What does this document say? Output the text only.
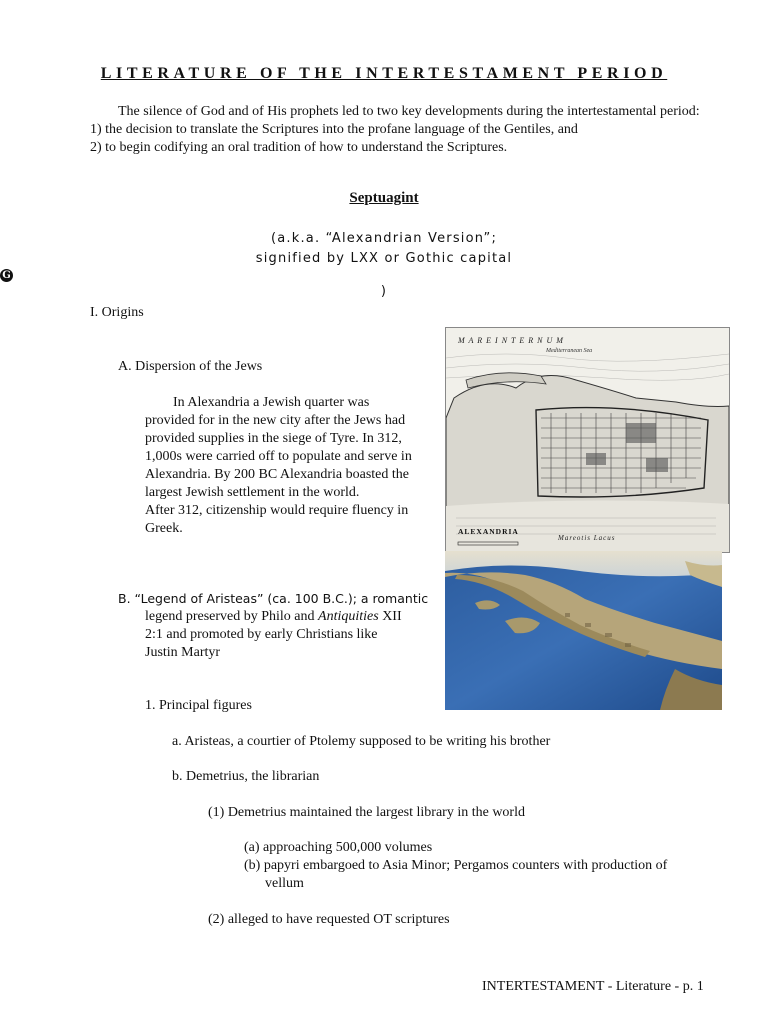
LITERATURE OF THE INTERTESTAMENT PERIOD

The silence of God and of His prophets led to two key developments during the intertestamental period:

1) the decision to translate the Scriptures into the profane language of the Gentiles, and

2) to begin codifying an oral tradition of how to understand the Scriptures.

Septuagint
(a.k.a. “Alexandrian Version”;
signified by LXX or Gothic capital
G
)
I. Origins
A. Dispersion of the Jews

In Alexandria a Jewish quarter was

provided for in the new city after the Jews had

provided supplies in the siege of Tyre. In 312,

1,000s were carried off to populate and serve in

Alexandria. By 200 BC Alexandria boasted the

largest Jewish settlement in the world.

After 312, citizenship would require fluency in

Greek.

B. “Legend of Aristeas” (ca. 100 B.C.); a romantic

legend preserved by Philo and Antiquities XII

2:1 and promoted by early Christians like

Justin Martyr

1. Principal figures
a. Aristeas, a courtier of Ptolemy supposed to be writing his brother
b. Demetrius, the librarian
(1) Demetrius maintained the largest library in the world
(a) approaching 500,000 volumes
(b) papyri embargoed to Asia Minor; Pergamos counters with production of
vellum
(2) alleged to have requested OT scriptures
M A R E I N T E R N U M
Mediterranean Sea
ALEXANDRIA
Mareotis Lacus
INTERTESTAMENT - Literature - p. 1
